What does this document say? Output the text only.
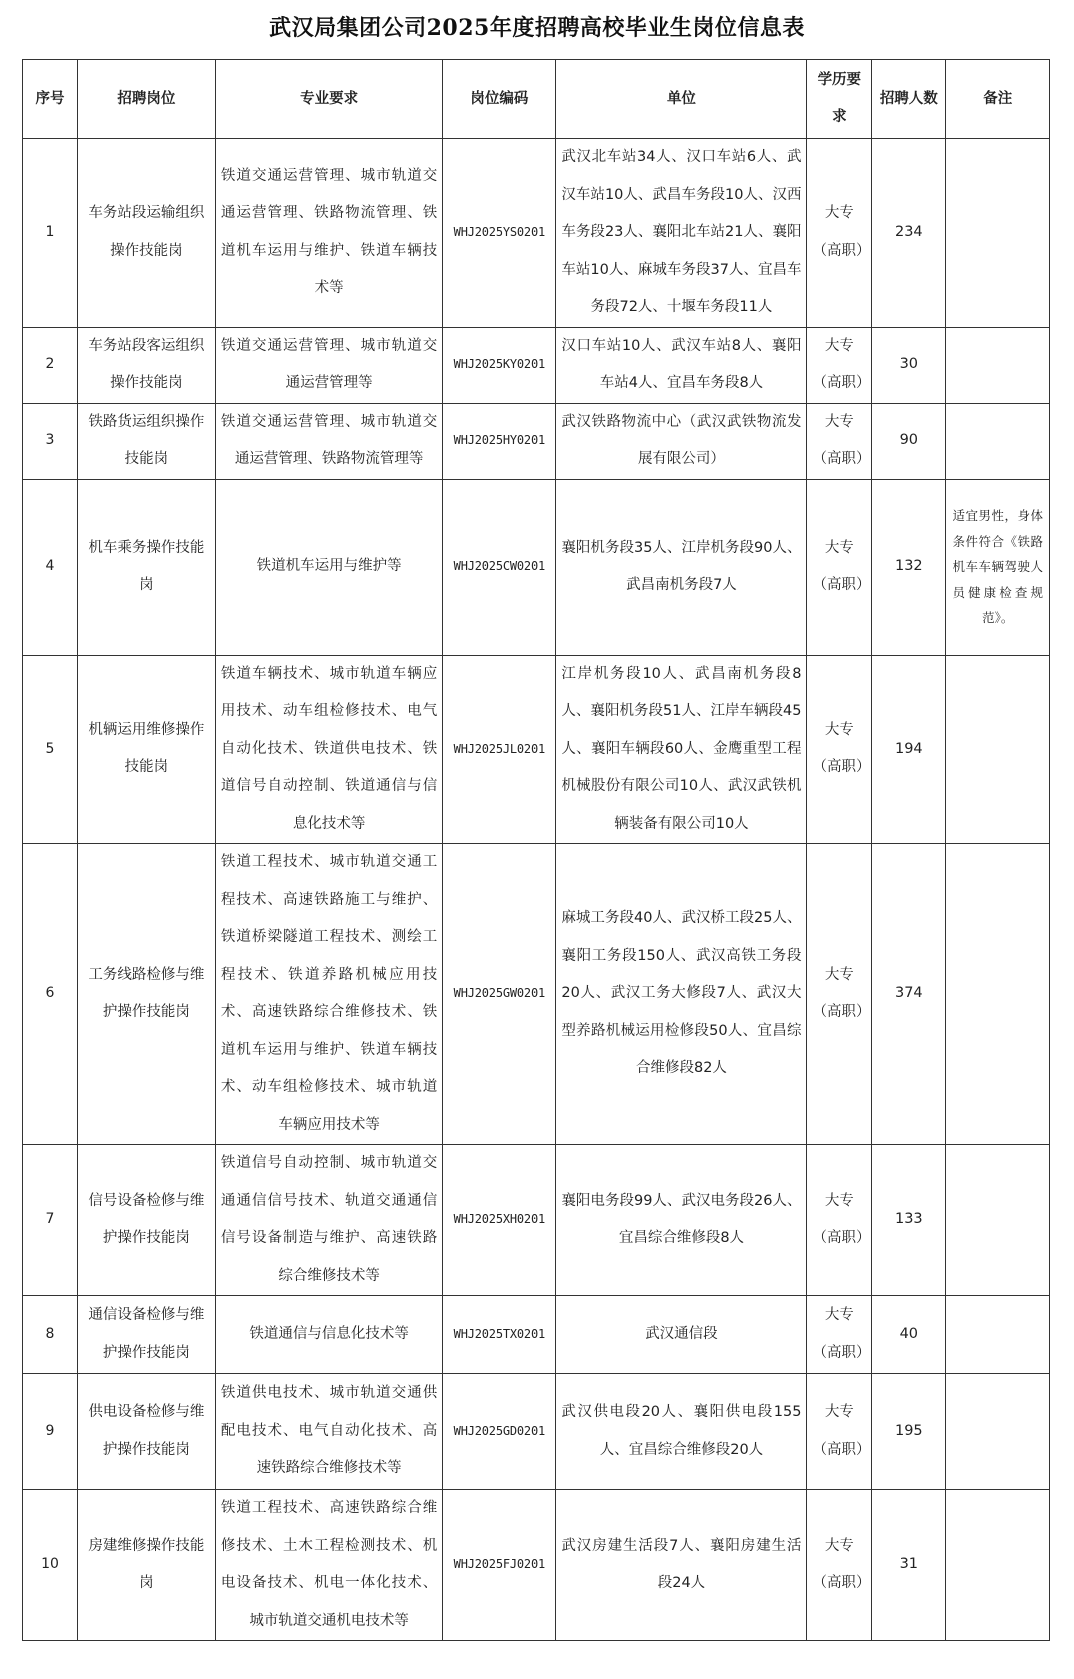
武汉局集团公司2025年度招聘高校毕业生岗位信息表
序号	招聘岗位	专业要求	岗位编码	单位	学历要求	招聘人数	备注
1	车务站段运输组织操作技能岗	铁道交通运营管理、城市轨道交通运营管理、铁路物流管理、铁道机车运用与维护、铁道车辆技术等	WHJ2025YS0201	武汉北车站34人、汉口车站6人、武汉车站10人、武昌车务段10人、汉西车务段23人、襄阳北车站21人、襄阳车站10人、麻城车务段37人、宜昌车务段72人、十堰车务段11人	大专
（高职）	234	
2	车务站段客运组织操作技能岗	铁道交通运营管理、城市轨道交通运营管理等	WHJ2025KY0201	汉口车站10人、武汉车站8人、襄阳车站4人、宜昌车务段8人	大专
（高职）	30	
3	铁路货运组织操作技能岗	铁道交通运营管理、城市轨道交通运营管理、铁路物流管理等	WHJ2025HY0201	武汉铁路物流中心（武汉武铁物流发展有限公司）	大专
（高职）	90	
4	机车乘务操作技能岗	铁道机车运用与维护等	WHJ2025CW0201	襄阳机务段35人、江岸机务段90人、武昌南机务段7人	大专
（高职）	132	适宜男性，身体条件符合《铁路机车车辆驾驶人员健康检查规范》。
5	机辆运用维修操作技能岗	铁道车辆技术、城市轨道车辆应用技术、动车组检修技术、电气自动化技术、铁道供电技术、铁道信号自动控制、铁道通信与信息化技术等	WHJ2025JL0201	江岸机务段10人、武昌南机务段8人、襄阳机务段51人、江岸车辆段45人、襄阳车辆段60人、金鹰重型工程机械股份有限公司10人、武汉武铁机辆装备有限公司10人	大专
（高职）	194	
6	工务线路检修与维护操作技能岗	铁道工程技术、城市轨道交通工程技术、高速铁路施工与维护、铁道桥梁隧道工程技术、测绘工程技术、铁道养路机械应用技术、高速铁路综合维修技术、铁道机车运用与维护、铁道车辆技术、动车组检修技术、城市轨道车辆应用技术等	WHJ2025GW0201	麻城工务段40人、武汉桥工段25人、襄阳工务段150人、武汉高铁工务段20人、武汉工务大修段7人、武汉大型养路机械运用检修段50人、宜昌综合维修段82人	大专
（高职）	374	
7	信号设备检修与维护操作技能岗	铁道信号自动控制、城市轨道交通通信信号技术、轨道交通通信信号设备制造与维护、高速铁路综合维修技术等	WHJ2025XH0201	襄阳电务段99人、武汉电务段26人、宜昌综合维修段8人	大专
（高职）	133	
8	通信设备检修与维护操作技能岗	铁道通信与信息化技术等	WHJ2025TX0201	武汉通信段	大专
（高职）	40	
9	供电设备检修与维护操作技能岗	铁道供电技术、城市轨道交通供配电技术、电气自动化技术、高速铁路综合维修技术等	WHJ2025GD0201	武汉供电段20人、襄阳供电段155人、宜昌综合维修段20人	大专
（高职）	195	
10	房建维修操作技能岗	铁道工程技术、高速铁路综合维修技术、土木工程检测技术、机电设备技术、机电一体化技术、城市轨道交通机电技术等	WHJ2025FJ0201	武汉房建生活段7人、襄阳房建生活段24人	大专
（高职）	31	
